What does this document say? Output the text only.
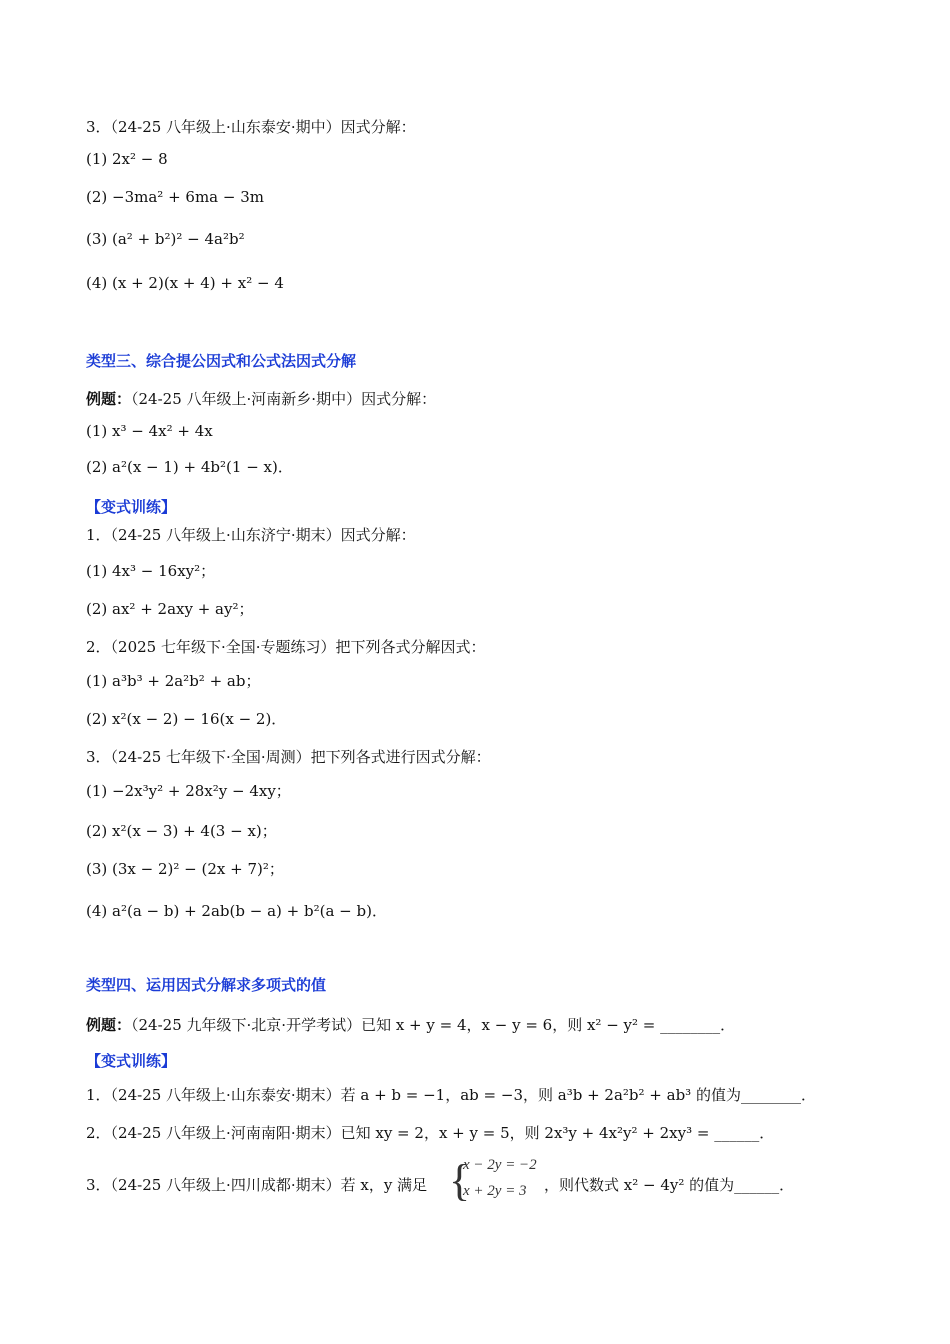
3．（24-25 八年级上·山东泰安·期中）因式分解：
(1) 2x² − 8
(2) −3ma² + 6ma − 3m
(3) (a² + b²)² − 4a²b²
(4) (x + 2)(x + 4) + x² − 4
类型三、综合提公因式和公式法因式分解
例题：（24-25 八年级上·河南新乡·期中）因式分解：
(1) x³ − 4x² + 4x
(2) a²(x − 1) + 4b²(1 − x)．
【变式训练】
1．（24-25 八年级上·山东济宁·期末）因式分解：
(1) 4x³ − 16xy²；
(2) ax² + 2axy + ay²；
2．（2025 七年级下·全国·专题练习）把下列各式分解因式：
(1) a³b³ + 2a²b² + ab；
(2) x²(x − 2) − 16(x − 2)．
3．（24-25 七年级下·全国·周测）把下列各式进行因式分解：
(1) −2x³y² + 28x²y − 4xy；
(2) x²(x − 3) + 4(3 − x)；
(3) (3x − 2)² − (2x + 7)²；
(4) a²(a − b) + 2ab(b − a) + b²(a − b)．
类型四、运用因式分解求多项式的值
例题：（24-25 九年级下·北京·开学考试）已知 x + y = 4，x − y = 6，则 x² − y² = ________．
【变式训练】
1．（24-25 八年级上·山东泰安·期末）若 a + b = −1，ab = −3，则 a³b + 2a²b² + ab³ 的值为________．
2．（24-25 八年级上·河南南阳·期末）已知 xy = 2，x + y = 5，则 2x³y + 4x²y² + 2xy³ = ______．
3．（24-25 八年级上·四川成都·期末）若 x，y 满足 {
x − 2y = −2
x + 2y = 3 ，则代数式 x² − 4y² 的值为______．
